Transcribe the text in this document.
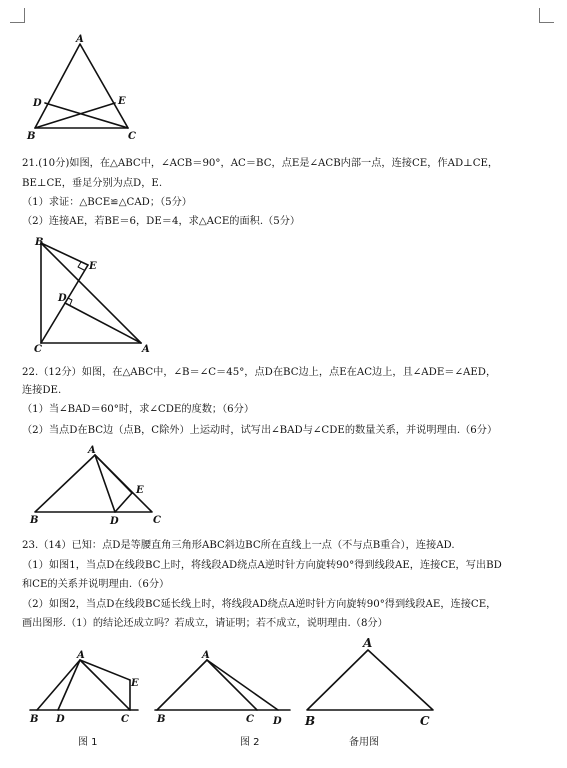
A
D	E
B	C
21.(10分)如图，在△ABC中，∠ACB＝90°，AC＝BC，点E是∠ACB内部一点，连接CE，作AD⊥CE，
BE⊥CE，垂足分别为点D，E.
（1）求证：△BCE≌△CAD；（5分）
（2）连接AE，若BE＝6，DE＝4，求△ACE的面积.（5分）
B
E
D
C	A
22.（12分）如图，在△ABC中，∠B＝∠C＝45°，点D在BC边上，点E在AC边上，且∠ADE＝∠AED，
连接DE.
（1）当∠BAD＝60°时，求∠CDE的度数；（6分）
（2）当点D在BC边（点B，C除外）上运动时，试写出∠BAD与∠CDE的数量关系，并说明理由.（6分）
A
E
B	D	C
23.（14）已知：点D是等腰直角三角形ABC斜边BC所在直线上一点（不与点B重合），连接AD.
（1）如图1，当点D在线段BC上时，将线段AD绕点A逆时针方向旋转90°得到线段AE，连接CE，写出BD
和CE的关系并说明理由.（6分）
（2）如图2，当点D在线段BC延长线上时，将线段AD绕点A逆时针方向旋转90°得到线段AE，连接CE，
画出图形.（1）的结论还成立吗？若成立，请证明；若不成立，说明理由.（8分）
A
E
B D	C
图 1
A
B	C D
图 2
A
B	C
备用图
